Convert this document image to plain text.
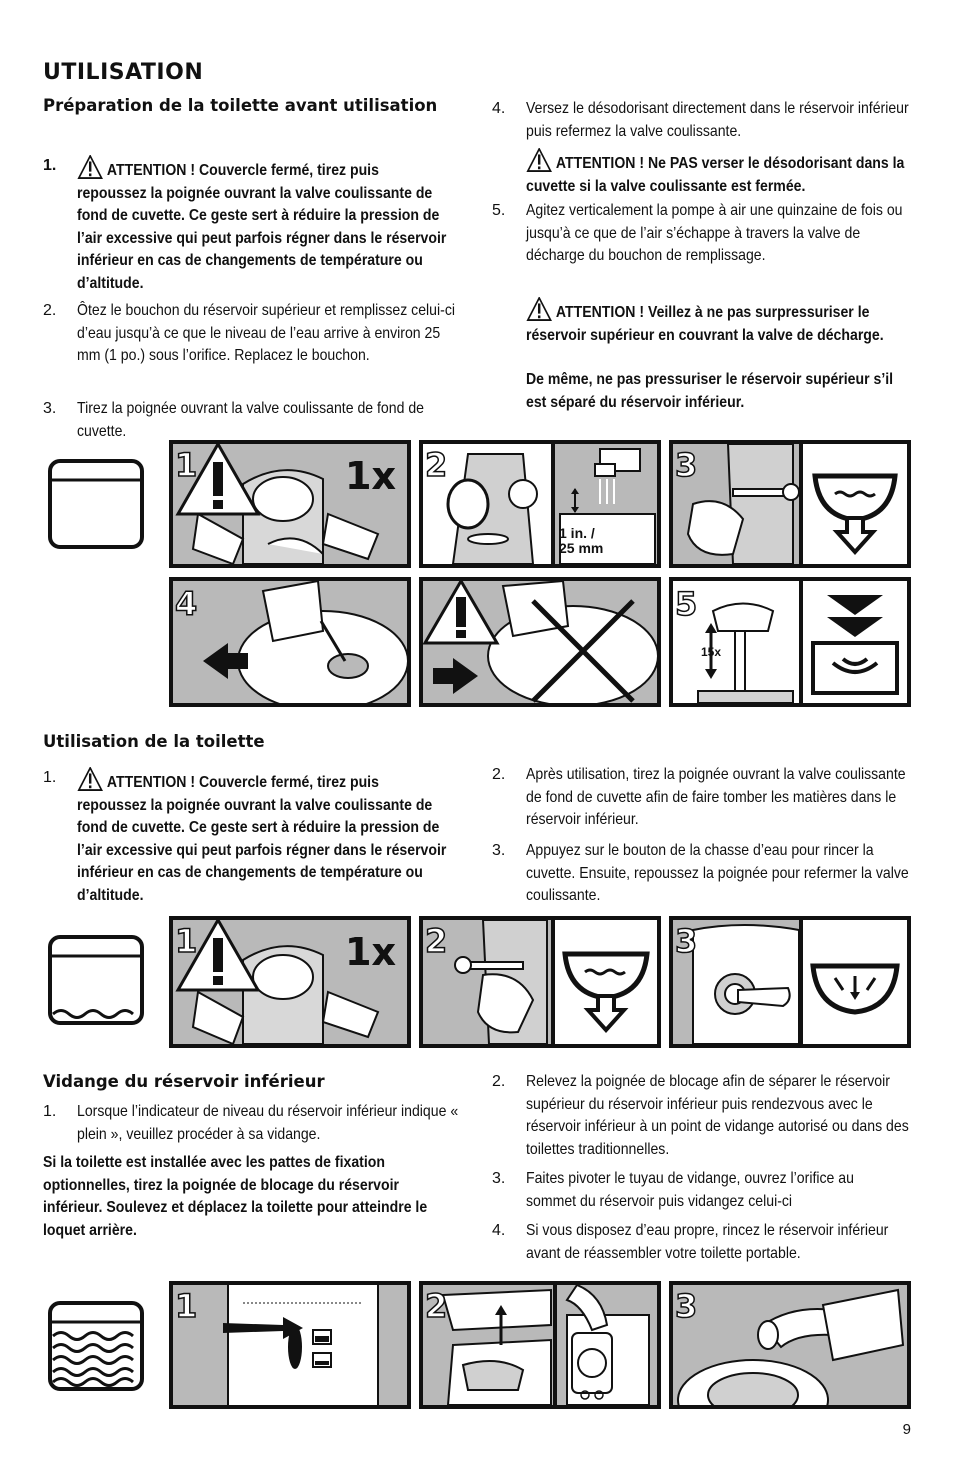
UTILISATION
Préparation de la toilette avant utilisation
1.	ATTENTION ! Couvercle fermé, tirez puis repoussez la poignée ouvrant la valve coulissante de fond de cuvette. Ce geste sert à réduire la pression de l’air excessive qui peut parfois régner dans le réservoir inférieur en cas de changements de température ou d’altitude.
2. Ôtez le bouchon du réservoir supérieur et remplissez celui-ci d’eau jusqu’à ce que le niveau de l’eau arrive à environ 25 mm (1 po.) sous l’orifice. Replacez le bouchon.
3. Tirez la poignée ouvrant la valve coulissante de fond de cuvette.
4. Versez le désodorisant directement dans le réservoir inférieur puis refermez la valve coulissante.
ATTENTION ! Ne PAS verser le désodorisant dans la cuvette si la valve coulissante est fermée.
5. Agitez verticalement la pompe à air une quinzaine de fois ou jusqu’à ce que de l’air s’échappe à travers la valve de décharge du bouchon de remplissage.
ATTENTION ! Veillez à ne pas surpressuriser le réservoir supérieur en couvrant la valve de décharge.
De même, ne pas pressuriser le réservoir supérieur s’il est séparé du réservoir inférieur.
1	1x 2
1 in. /
25 mm
3
4	5
15x
Utilisation de la toilette
1.	ATTENTION ! Couvercle fermé, tirez puis repoussez la poignée ouvrant la valve coulissante de fond de cuvette. Ce geste sert à réduire la pression de l’air excessive qui peut parfois régner dans le réservoir inférieur en cas de changements de température ou d’altitude.
2. Après utilisation, tirez la poignée ouvrant la valve coulissante de fond de cuvette afin de faire tomber les matières dans le réservoir inférieur.
3. Appuyez sur le bouton de la chasse d’eau pour rincer la cuvette. Ensuite, repoussez la poignée pour refermer la valve coulissante.
1	1x 2	3
Vidange du réservoir inférieur
1. Lorsque l’indicateur de niveau du réservoir inférieur indique « plein », veuillez procéder à sa vidange.
Si la toilette est installée avec les pattes de fixation optionnelles, tirez la poignée de blocage du réservoir inférieur. Soulevez et déplacez la toilette pour atteindre le loquet arrière.
2. Relevez la poignée de blocage afin de séparer le réservoir supérieur du réservoir inférieur puis rendezvous avec le réservoir inférieur à un point de vidange autorisé ou dans des toilettes traditionnelles.
3. Faites pivoter le tuyau de vidange, ouvrez l’orifice au sommet du réservoir puis vidangez celui-ci
4. Si vous disposez d’eau propre, rincez le réservoir inférieur avant de réassembler votre toilette portable.
1	2	3
9
